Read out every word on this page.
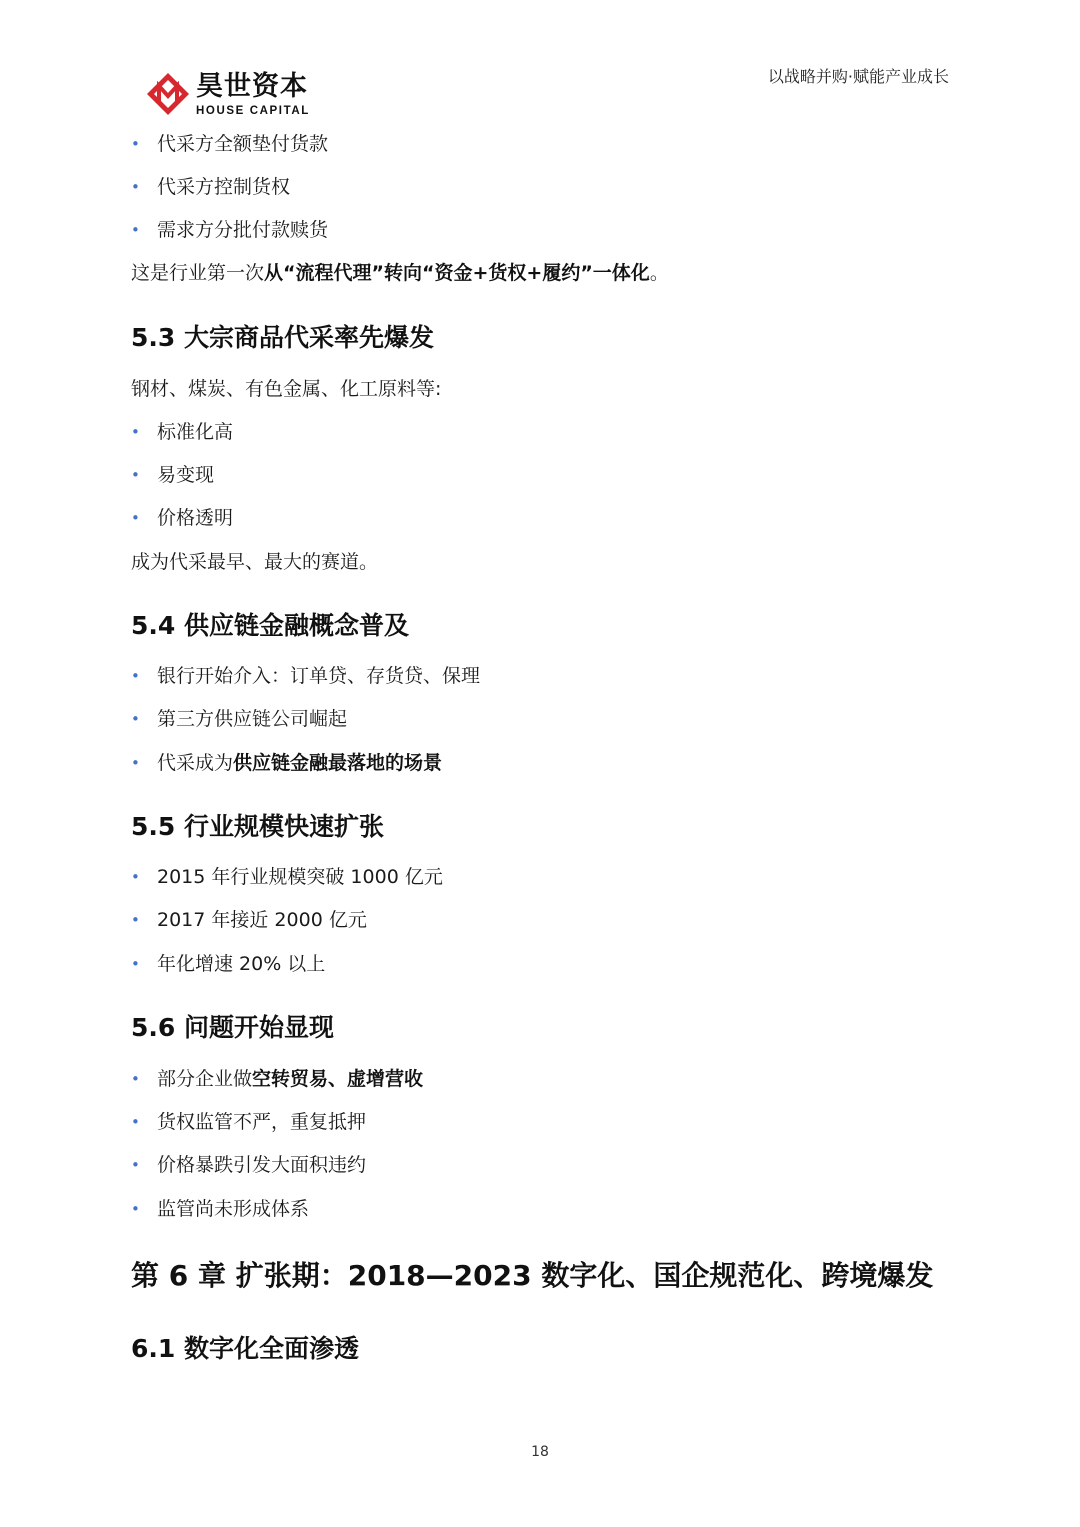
昊世资本
HOUSE CAPITAL
以战略并购·赋能产业成长
• 代采方全额垫付货款
• 代采方控制货权
• 需求方分批付款赎货
这是行业第一次从“流程代理”转向“资金+货权+履约”一体化。
5.3 大宗商品代采率先爆发
钢材、煤炭、有色金属、化工原料等:
• 标准化高
• 易变现
• 价格透明
成为代采最早、最大的赛道。
5.4 供应链金融概念普及
• 银行开始介入：订单贷、存货贷、保理
• 第三方供应链公司崛起
• 代采成为供应链金融最落地的场景
5.5 行业规模快速扩张
• 2015 年行业规模突破 1000 亿元
• 2017 年接近 2000 亿元
• 年化增速 20% 以上
5.6 问题开始显现
• 部分企业做空转贸易、虚增营收
• 货权监管不严，重复抵押
• 价格暴跌引发大面积违约
• 监管尚未形成体系
第 6 章 扩张期：2018—2023 数字化、国企规范化、跨境爆发
6.1 数字化全面渗透
18
